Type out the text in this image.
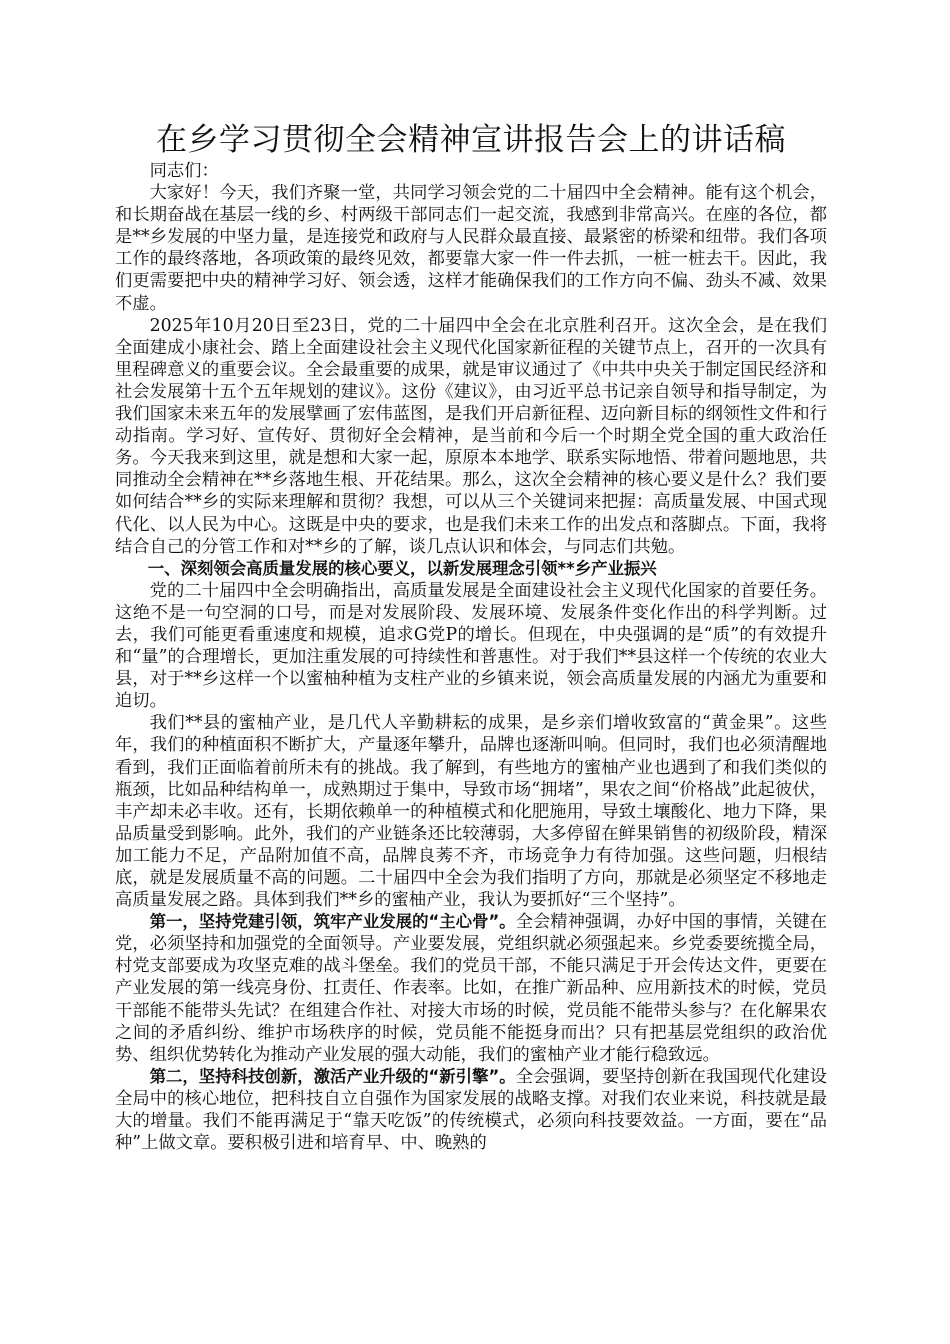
在乡学习贯彻全会精神宣讲报告会上的讲话稿

同志们：

大家好！今天，我们齐聚一堂，共同学习领会党的二十届四中全会精神。能有这个机会，和长期奋战在基层一线的乡、村两级干部同志们一起交流，我感到非常高兴。在座的各位，都是**乡发展的中坚力量，是连接党和政府与人民群众最直接、最紧密的桥梁和纽带。我们各项工作的最终落地，各项政策的最终见效，都要靠大家一件一件去抓，一桩一桩去干。因此，我们更需要把中央的精神学习好、领会透，这样才能确保我们的工作方向不偏、劲头不减、效果不虚。

2025年10月20日至23日，党的二十届四中全会在北京胜利召开。这次全会，是在我们全面建成小康社会、踏上全面建设社会主义现代化国家新征程的关键节点上，召开的一次具有里程碑意义的重要会议。全会最重要的成果，就是审议通过了《中共中央关于制定国民经济和社会发展第十五个五年规划的建议》。这份《建议》，由习近平总书记亲自领导和指导制定，为我们国家未来五年的发展擘画了宏伟蓝图，是我们开启新征程、迈向新目标的纲领性文件和行动指南。学习好、宣传好、贯彻好全会精神，是当前和今后一个时期全党全国的重大政治任务。今天我来到这里，就是想和大家一起，原原本本地学、联系实际地悟、带着问题地思，共同推动全会精神在**乡落地生根、开花结果。那么，这次全会精神的核心要义是什么？我们要如何结合**乡的实际来理解和贯彻？我想，可以从三个关键词来把握：高质量发展、中国式现代化、以人民为中心。这既是中央的要求，也是我们未来工作的出发点和落脚点。下面，我将结合自己的分管工作和对**乡的了解，谈几点认识和体会，与同志们共勉。

一、深刻领会高质量发展的核心要义，以新发展理念引领**乡产业振兴

党的二十届四中全会明确指出，高质量发展是全面建设社会主义现代化国家的首要任务。这绝不是一句空洞的口号，而是对发展阶段、发展环境、发展条件变化作出的科学判断。过去，我们可能更看重速度和规模，追求G党P的增长。但现在，中央强调的是“质”的有效提升和“量”的合理增长，更加注重发展的可持续性和普惠性。对于我们**县这样一个传统的农业大县，对于**乡这样一个以蜜柚种植为支柱产业的乡镇来说，领会高质量发展的内涵尤为重要和迫切。

我们**县的蜜柚产业，是几代人辛勤耕耘的成果，是乡亲们增收致富的“黄金果”。这些年，我们的种植面积不断扩大，产量逐年攀升，品牌也逐渐叫响。但同时，我们也必须清醒地看到，我们正面临着前所未有的挑战。我了解到，有些地方的蜜柚产业也遇到了和我们类似的瓶颈，比如品种结构单一，成熟期过于集中，导致市场“拥堵”，果农之间“价格战”此起彼伏，丰产却未必丰收。还有，长期依赖单一的种植模式和化肥施用，导致土壤酸化、地力下降，果品质量受到影响。此外，我们的产业链条还比较薄弱，大多停留在鲜果销售的初级阶段，精深加工能力不足，产品附加值不高，品牌良莠不齐，市场竞争力有待加强。这些问题，归根结底，就是发展质量不高的问题。二十届四中全会为我们指明了方向，那就是必须坚定不移地走高质量发展之路。具体到我们**乡的蜜柚产业，我认为要抓好“三个坚持”。

第一，坚持党建引领，筑牢产业发展的“主心骨”。全会精神强调，办好中国的事情，关键在党，必须坚持和加强党的全面领导。产业要发展，党组织就必须强起来。乡党委要统揽全局，村党支部要成为攻坚克难的战斗堡垒。我们的党员干部，不能只满足于开会传达文件，更要在产业发展的第一线亮身份、扛责任、作表率。比如，在推广新品种、应用新技术的时候，党员干部能不能带头先试？在组建合作社、对接大市场的时候，党员能不能带头参与？在化解果农之间的矛盾纠纷、维护市场秩序的时候，党员能不能挺身而出？只有把基层党组织的政治优势、组织优势转化为推动产业发展的强大动能，我们的蜜柚产业才能行稳致远。

第二，坚持科技创新，激活产业升级的“新引擎”。全会强调，要坚持创新在我国现代化建设全局中的核心地位，把科技自立自强作为国家发展的战略支撑。对我们农业来说，科技就是最大的增量。我们不能再满足于“靠天吃饭”的传统模式，必须向科技要效益。一方面，要在“品种”上做文章。要积极引进和培育早、中、晚熟的
